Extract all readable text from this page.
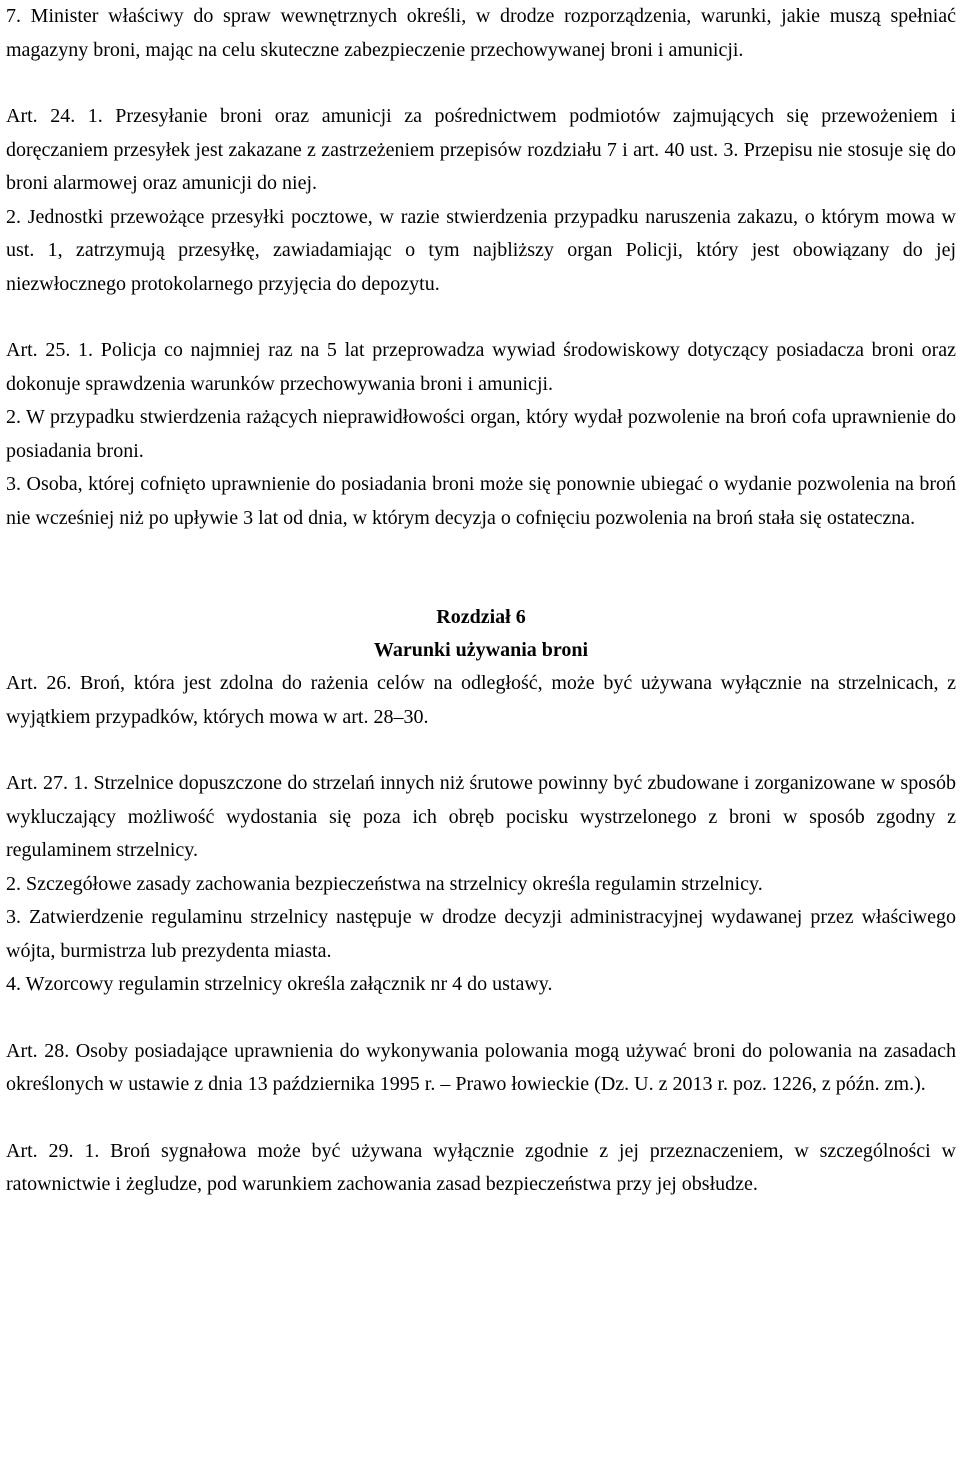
7. Minister właściwy do spraw wewnętrznych określi, w drodze rozporządzenia, warunki, jakie muszą spełniać magazyny broni, mając na celu skuteczne zabezpieczenie przechowywanej broni i amunicji.

Art. 24. 1. Przesyłanie broni oraz amunicji za pośrednictwem podmiotów zajmujących się przewożeniem i doręczaniem przesyłek jest zakazane z zastrzeżeniem przepisów rozdziału 7 i art. 40 ust. 3. Przepisu nie stosuje się do broni alarmowej oraz amunicji do niej.

2. Jednostki przewożące przesyłki pocztowe, w razie stwierdzenia przypadku naruszenia zakazu, o którym mowa w ust. 1, zatrzymują przesyłkę, zawiadamiając o tym najbliższy organ Policji, który jest obowiązany do jej niezwłocznego protokolarnego przyjęcia do depozytu.

Art. 25. 1. Policja co najmniej raz na 5 lat przeprowadza wywiad środowiskowy dotyczący posiadacza broni oraz dokonuje sprawdzenia warunków przechowywania broni i amunicji.

2. W przypadku stwierdzenia rażących nieprawidłowości organ, który wydał pozwolenie na broń cofa uprawnienie do posiadania broni.

3. Osoba, której cofnięto uprawnienie do posiadania broni może się ponownie ubiegać o wydanie pozwolenia na broń nie wcześniej niż po upływie 3 lat od dnia, w którym decyzja o cofnięciu pozwolenia na broń stała się ostateczna.

Rozdział 6

Warunki używania broni

Art. 26. Broń, która jest zdolna do rażenia celów na odległość, może być używana wyłącznie na strzelnicach, z wyjątkiem przypadków, których mowa w art. 28–30.

Art. 27. 1. Strzelnice dopuszczone do strzelań innych niż śrutowe powinny być zbudowane i zorganizowane w sposób wykluczający możliwość wydostania się poza ich obręb pocisku wystrzelonego z broni w sposób zgodny z regulaminem strzelnicy.

2. Szczegółowe zasady zachowania bezpieczeństwa na strzelnicy określa regulamin strzelnicy.

3. Zatwierdzenie regulaminu strzelnicy następuje w drodze decyzji administracyjnej wydawanej przez właściwego wójta, burmistrza lub prezydenta miasta.

4. Wzorcowy regulamin strzelnicy określa załącznik nr 4 do ustawy.

Art. 28. Osoby posiadające uprawnienia do wykonywania polowania mogą używać broni do polowania na zasadach określonych w ustawie z dnia 13 października 1995 r. – Prawo łowieckie (Dz. U. z 2013 r. poz. 1226, z późn. zm.).

Art. 29. 1. Broń sygnałowa może być używana wyłącznie zgodnie z jej przeznaczeniem, w szczególności w ratownictwie i żegludze, pod warunkiem zachowania zasad bezpieczeństwa przy jej obsłudze.
